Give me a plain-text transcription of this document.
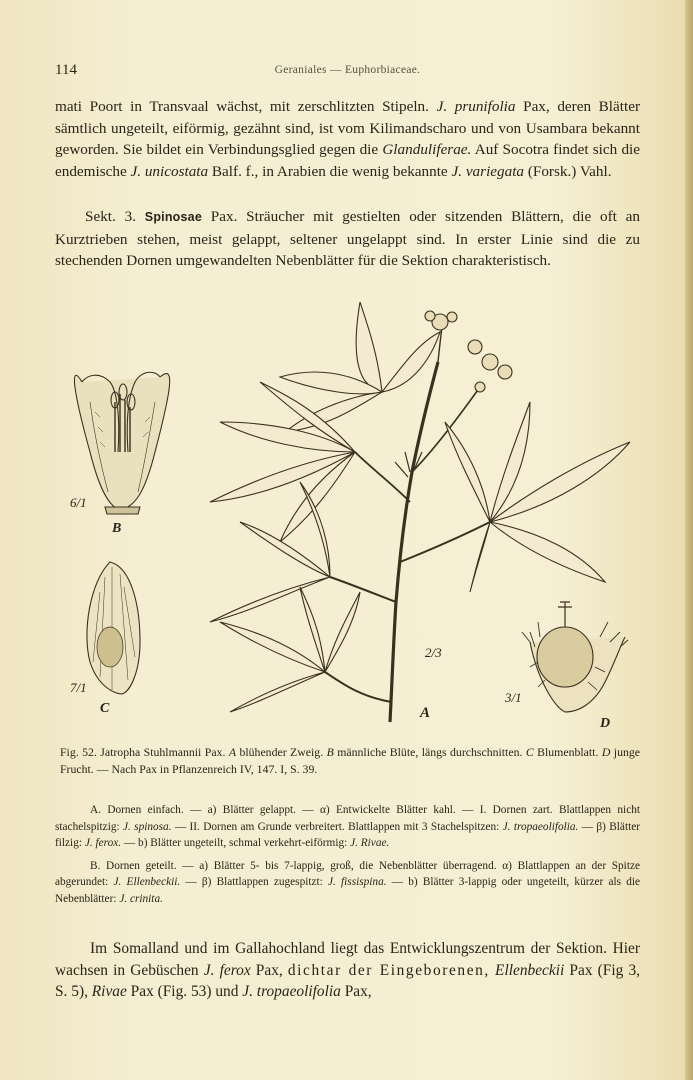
114	Geraniales — Euphorbiaceae.

mati Poort in Transvaal wächst, mit zerschlitzten Stipeln. J. prunifolia Pax, deren Blätter sämtlich ungeteilt, eiförmig, gezähnt sind, ist vom Kilimandscharo und von Usambara bekannt geworden. Sie bildet ein Verbindungsglied gegen die Glanduliferae. Auf Socotra findet sich die endemische J. unicostata Balf. f., in Arabien die wenig bekannte J. variegata (Forsk.) Vahl.

Sekt. 3. Spinosae Pax. Sträucher mit gestielten oder sitzenden Blättern, die oft an Kurztrieben stehen, meist gelappt, seltener ungelappt sind. In erster Linie sind die zu stechenden Dornen umgewandelten Nebenblätter für die Sektion charakteristisch.

6/1
B
7/1
C
2/3
A
3/1
D
Fig. 52. Jatropha Stuhlmannii Pax. A blühender Zweig. B männliche Blüte, längs durchschnitten. C Blumenblatt. D junge Frucht. — Nach Pax in Pflanzenreich IV, 147. I, S. 39.

A. Dornen einfach. — a) Blätter gelappt. — α) Entwickelte Blätter kahl. — I. Dornen zart. Blattlappen nicht stachelspitzig: J. spinosa. — II. Dornen am Grunde verbreitert. Blattlappen mit 3 Stachelspitzen: J. tropaeolifolia. — β) Blätter filzig: J. ferox. — b) Blätter ungeteilt, schmal verkehrt-eiförmig: J. Rivae.

B. Dornen geteilt. — a) Blätter 5- bis 7-lappig, groß, die Nebenblätter überragend. α) Blattlappen an der Spitze abgerundet: J. Ellenbeckii. — β) Blattlappen zugespitzt: J. fissispina. — b) Blätter 3-lappig oder ungeteilt, kürzer als die Nebenblätter: J. crinita.

Im Somalland und im Gallahochland liegt das Entwicklungszentrum der Sektion. Hier wachsen in Gebüschen J. ferox Pax, dichtar der Eingeborenen, Ellenbeckii Pax (Fig 3, S. 5), Rivae Pax (Fig. 53) und J. tropaeolifolia Pax,
